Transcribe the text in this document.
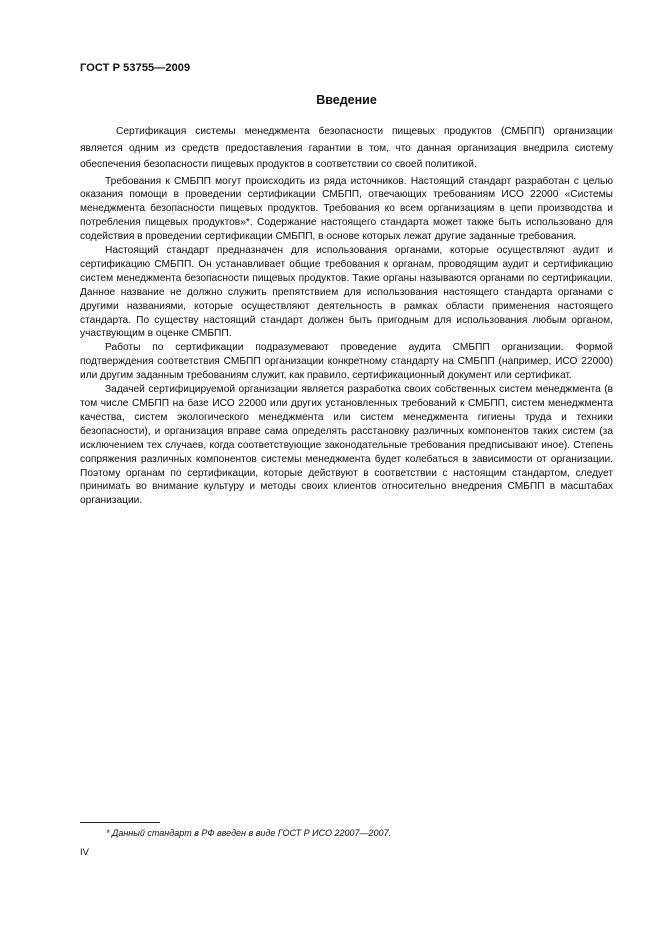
ГОСТ Р 53755—2009
Введение

Сертификация системы менеджмента безопасности пищевых продуктов (СМБПП) организации является одним из средств предоставления гарантии в том, что данная организация внедрила систему обеспечения безопасности пищевых продуктов в соответствии со своей политикой.

Требования к СМБПП могут происходить из ряда источников. Настоящий стандарт разработан с целью оказания помощи в проведении сертификации СМБПП, отвечающих требованиям ИСО 22000 «Системы менеджмента безопасности пищевых продуктов. Требования ко всем организациям в цепи производства и потребления пищевых продуктов»*. Содержание настоящего стандарта может также быть использовано для содействия в проведении сертификации СМБПП, в основе которых лежат другие заданные требования.

Настоящий стандарт предназначен для использования органами, которые осуществляют аудит и сертификацию СМБПП. Он устанавливает общие требования к органам, проводящим аудит и сертификацию систем менеджмента безопасности пищевых продуктов. Такие органы называются органами по сертификации. Данное название не должно служить препятствием для использования настоящего стандарта органами с другими названиями, которые осуществляют деятельность в рамках области применения настоящего стандарта. По существу настоящий стандарт должен быть пригодным для использования любым органом, участвующим в оценке СМБПП.

Работы по сертификации подразумевают проведение аудита СМБПП организации. Формой подтверждения соответствия СМБПП организации конкретному стандарту на СМБПП (например, ИСО 22000) или другим заданным требованиям служит, как правило, сертификационный документ или сертификат.

Задачей сертифицируемой организации является разработка своих собственных систем менеджмента (в том числе СМБПП на базе ИСО 22000 или других установленных требований к СМБПП, систем менеджмента качества, систем экологического менеджмента или систем менеджмента гигиены труда и техники безопасности), и организация вправе сама определять расстановку различных компонентов таких систем (за исключением тех случаев, когда соответствующие законодательные требования предписывают иное). Степень сопряжения различных компонентов системы менеджмента будет колебаться в зависимости от организации. Поэтому органам по сертификации, которые действуют в соответствии с настоящим стандартом, следует принимать во внимание культуру и методы своих клиентов относительно внедрения СМБПП в масштабах организации.

* Данный стандарт в РФ введен в виде ГОСТ Р ИСО 22007—2007.
IV
